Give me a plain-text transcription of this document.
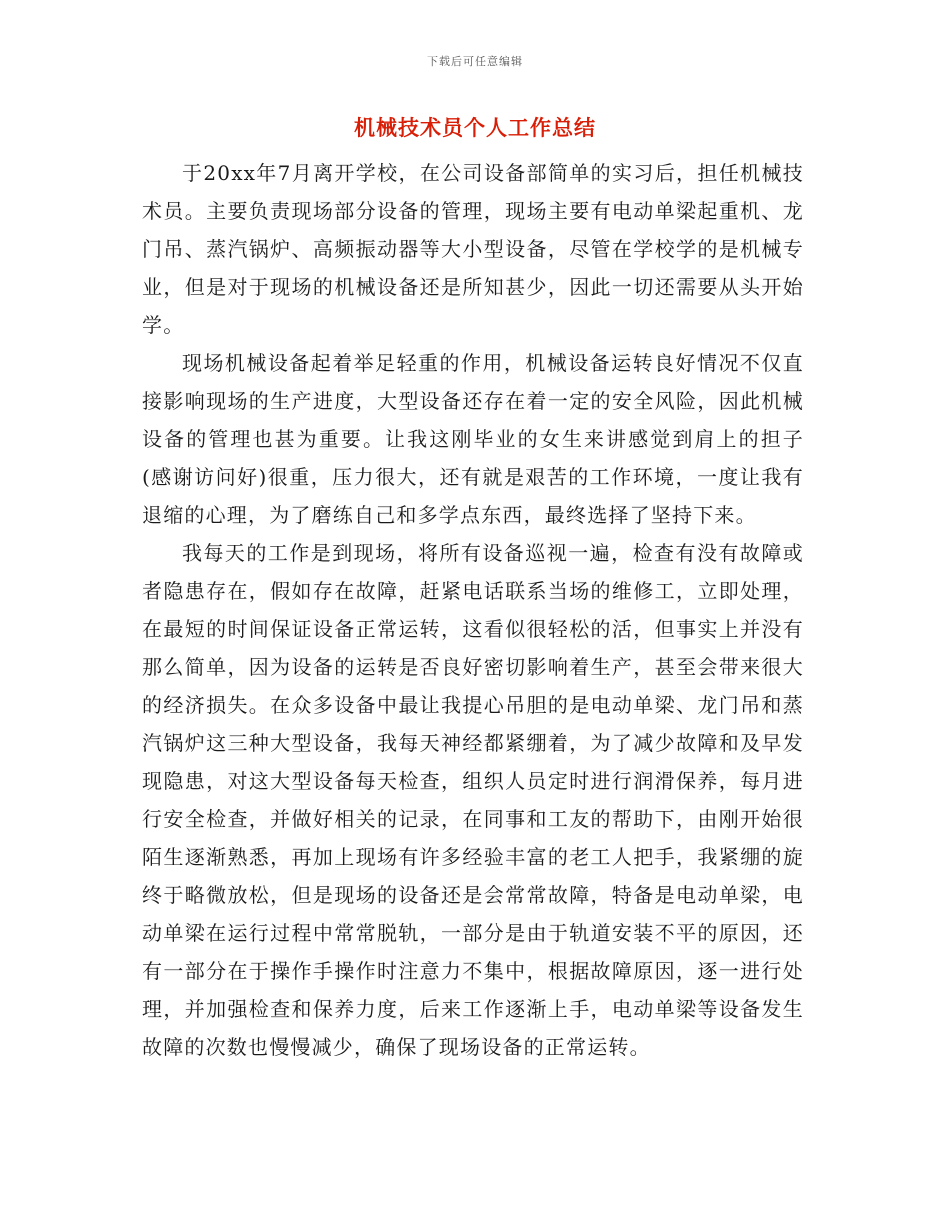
下载后可任意编辑
机械技术员个人工作总结

于20xx年7月离开学校，在公司设备部简单的实习后，担任机械技术员。主要负责现场部分设备的管理，现场主要有电动单梁起重机、龙门吊、蒸汽锅炉、高频振动器等大小型设备，尽管在学校学的是机械专业，但是对于现场的机械设备还是所知甚少，因此一切还需要从头开始学。

现场机械设备起着举足轻重的作用，机械设备运转良好情况不仅直接影响现场的生产进度，大型设备还存在着一定的安全风险，因此机械设备的管理也甚为重要。让我这刚毕业的女生来讲感觉到肩上的担子(感谢访问好)很重，压力很大，还有就是艰苦的工作环境，一度让我有退缩的心理，为了磨练自己和多学点东西，最终选择了坚持下来。

我每天的工作是到现场，将所有设备巡视一遍，检查有没有故障或者隐患存在，假如存在故障，赶紧电话联系当场的维修工，立即处理，在最短的时间保证设备正常运转，这看似很轻松的活，但事实上并没有那么简单，因为设备的运转是否良好密切影响着生产，甚至会带来很大的经济损失。在众多设备中最让我提心吊胆的是电动单梁、龙门吊和蒸汽锅炉这三种大型设备，我每天神经都紧绷着，为了减少故障和及早发现隐患，对这大型设备每天检查，组织人员定时进行润滑保养，每月进行安全检查，并做好相关的记录，在同事和工友的帮助下，由刚开始很陌生逐渐熟悉，再加上现场有许多经验丰富的老工人把手，我紧绷的旋终于略微放松，但是现场的设备还是会常常故障，特备是电动单梁，电动单梁在运行过程中常常脱轨，一部分是由于轨道安装不平的原因，还有一部分在于操作手操作时注意力不集中，根据故障原因，逐一进行处理，并加强检查和保养力度，后来工作逐渐上手，电动单梁等设备发生故障的次数也慢慢减少，确保了现场设备的正常运转。
